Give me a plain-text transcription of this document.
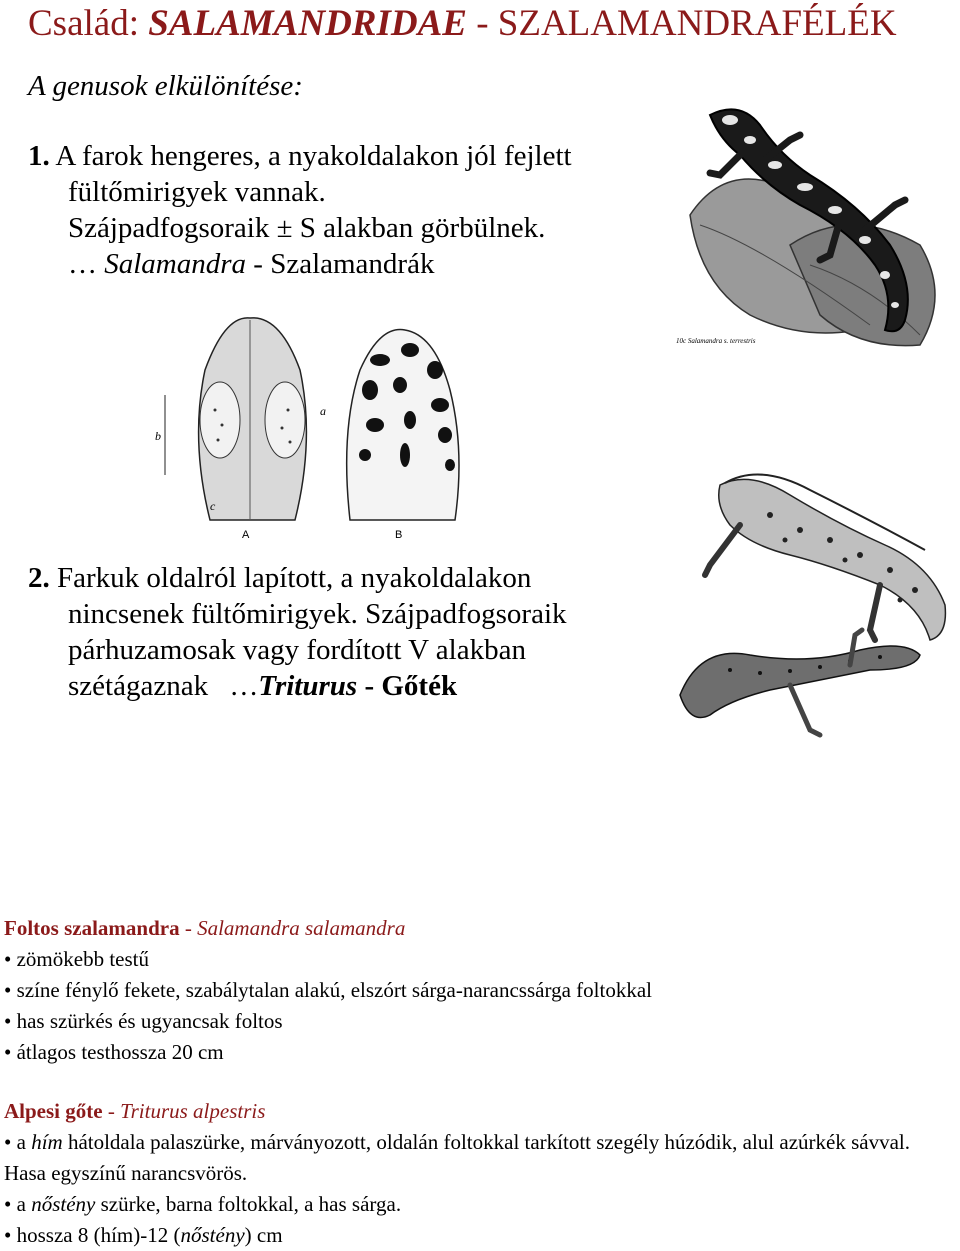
Család: SALAMANDRIDAE - SZALAMANDRAFÉLÉK
A genusok elkülönítése:
1. A farok hengeres, a nyakoldalakon jól fejlett
fültőmirigyek vannak.
Szájpadfogsoraik ± S alakban görbülnek.
… Salamandra - Szalamandrák
10c Salamandra s. terrestris
b
c
a
A	B
2. Farkuk oldalról lapított, a nyakoldalakon
nincsenek fültőmirigyek. Szájpadfogsoraik
párhuzamosak vagy fordított V alakban
szétágaznak …Triturus - Gőték
Foltos szalamandra - Salamandra salamandra
• zömökebb testű
• színe fénylő fekete, szabálytalan alakú, elszórt sárga-narancssárga foltokkal
• has szürkés és ugyancsak foltos
• átlagos testhossza 20 cm
Alpesi gőte - Triturus alpestris
• a hím hátoldala palaszürke, márványozott, oldalán foltokkal tarkított szegély húzódik, alul azúrkék sávval. Hasa egyszínű narancsvörös.
• a nőstény szürke, barna foltokkal, a has sárga.
• hossza 8 (hím)-12 (nőstény) cm
